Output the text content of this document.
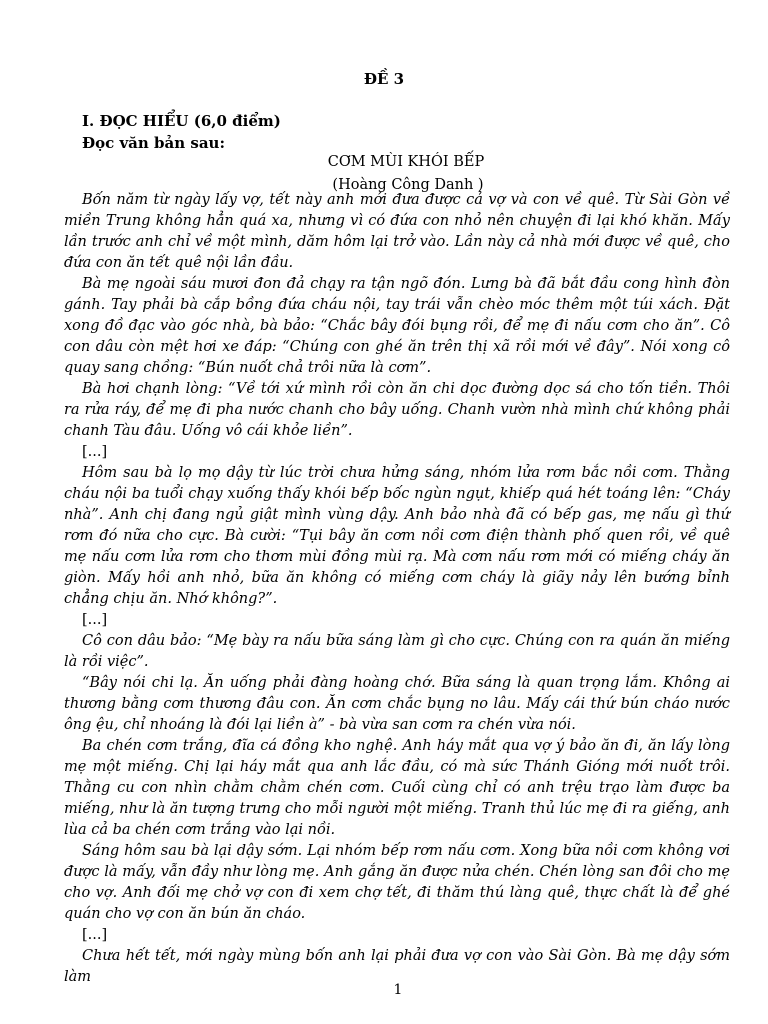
ĐỀ 3
I. ĐỌC HIỂU (6,0 điểm)
Đọc văn bản sau:
CƠM MÙI KHÓI BẾP
(Hoàng Công Danh )

Bốn năm từ ngày lấy vợ, tết này anh mới đưa được cả vợ và con về quê. Từ Sài Gòn về miền Trung không hẳn quá xa, nhưng vì có đứa con nhỏ nên chuyện đi lại khó khăn. Mấy lần trước anh chỉ về một mình, dăm hôm lại trở vào. Lần này cả nhà mới được về quê, cho đứa con ăn tết quê nội lần đầu.

Bà mẹ ngoài sáu mươi đon đả chạy ra tận ngõ đón. Lưng bà đã bắt đầu cong hình đòn gánh. Tay phải bà cắp bồng đứa cháu nội, tay trái vẫn chèo móc thêm một túi xách. Đặt xong đồ đạc vào góc nhà, bà bảo: “Chắc bây đói bụng rồi, để mẹ đi nấu cơm cho ăn”. Cô con dâu còn mệt hơi xe đáp: “Chúng con ghé ăn trên thị xã rồi mới về đây”. Nói xong cô quay sang chồng: “Bún nuốt chả trôi nữa là cơm”.

Bà hơi chạnh lòng: “Về tới xứ mình rồi còn ăn chi dọc đường dọc sá cho tốn tiền. Thôi ra rửa ráy, để mẹ đi pha nước chanh cho bây uống. Chanh vườn nhà mình chứ không phải chanh Tàu đâu. Uống vô cái khỏe liền”.

[...]

Hôm sau bà lọ mọ dậy từ lúc trời chưa hửng sáng, nhóm lửa rơm bắc nồi cơm. Thằng cháu nội ba tuổi chạy xuống thấy khói bếp bốc ngùn ngụt, khiếp quá hét toáng lên: “Cháy nhà”. Anh chị đang ngủ giật mình vùng dậy. Anh bảo nhà đã có bếp gas, mẹ nấu gì thứ rơm đó nữa cho cực. Bà cười: “Tụi bây ăn cơm nồi cơm điện thành phố quen rồi, về quê mẹ nấu cơm lửa rơm cho thơm mùi đồng mùi rạ. Mà cơm nấu rơm mới có miếng cháy ăn giòn. Mấy hồi anh nhỏ, bữa ăn không có miếng cơm cháy là giãy nảy lên bướng bỉnh chẳng chịu ăn. Nhớ không?”.

[...]

Cô con dâu bảo: “Mẹ bày ra nấu bữa sáng làm gì cho cực. Chúng con ra quán ăn miếng là rồi việc”.

“Bây nói chi lạ. Ăn uống phải đàng hoàng chớ. Bữa sáng là quan trọng lắm. Không ai thương bằng cơm thương đâu con. Ăn cơm chắc bụng no lâu. Mấy cái thứ bún cháo nước ông ệu, chỉ nhoáng là đói lại liền à” - bà vừa san cơm ra chén vừa nói.

Ba chén cơm trắng, đĩa cá đồng kho nghệ. Anh háy mắt qua vợ ý bảo ăn đi, ăn lấy lòng mẹ một miếng. Chị lại háy mắt qua anh lắc đầu, có mà sức Thánh Gióng mới nuốt trôi. Thằng cu con nhìn chằm chằm chén cơm. Cuối cùng chỉ có anh trệu trạo làm được ba miếng, như là ăn tượng trưng cho mỗi người một miếng. Tranh thủ lúc mẹ đi ra giếng, anh lùa cả ba chén cơm trắng vào lại nồi.

Sáng hôm sau bà lại dậy sớm. Lại nhóm bếp rơm nấu cơm. Xong bữa nồi cơm không vơi được là mấy, vẫn đầy như lòng mẹ. Anh gắng ăn được nửa chén. Chén lòng san đôi cho mẹ cho vợ. Anh đối mẹ chở vợ con đi xem chợ tết, đi thăm thú làng quê, thực chất là để ghé quán cho vợ con ăn bún ăn cháo.

[...]

Chưa hết tết, mới ngày mùng bốn anh lại phải đưa vợ con vào Sài Gòn. Bà mẹ dậy sớm làm

1
